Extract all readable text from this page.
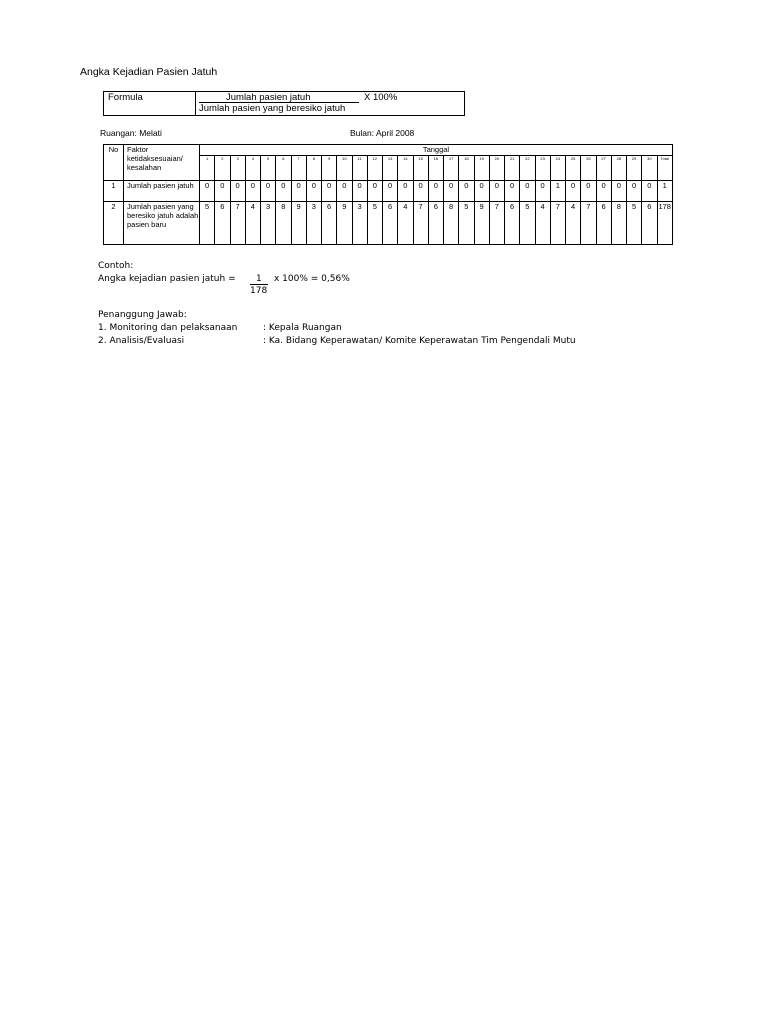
Angka Kejadian Pasien Jatuh
Formula	Jumlah pasien jatuh	X 100%
Jumlah pasien yang beresiko jatuh
Ruangan: Melati	Bulan: April 2008
No	Faktor ketidaksesuaian/ kesalahan	Tanggal																														
		1	2	3	4	5	6	7	8	9	10	11	12	13	14	15	16	17	18	19	20	21	22	23	24	25	26	27	28	29	30	Total
1	Jumlah pasien jatuh	0	0	0	0	0	0	0	0	0	0	0	0	0	0	0	0	0	0	0	0	0	0	0	1	0	0	0	0	0	0	1
2	Jumlah pasien yang beresiko jatuh adalah pasien baru	5	6	7	4	3	8	9	3	6	9	3	5	6	4	7	6	8	5	9	7	6	5	4	7	4	7	6	8	5	6	178
Contoh:
Angka kejadian pasien jatuh = 1
178
x 100% = 0,56%
Penanggung Jawab:
1. Monitoring dan pelaksanaan	: Kepala Ruangan
2. Analisis/Evaluasi	: Ka. Bidang Keperawatan/ Komite Keperawatan Tim Pengendali Mutu
